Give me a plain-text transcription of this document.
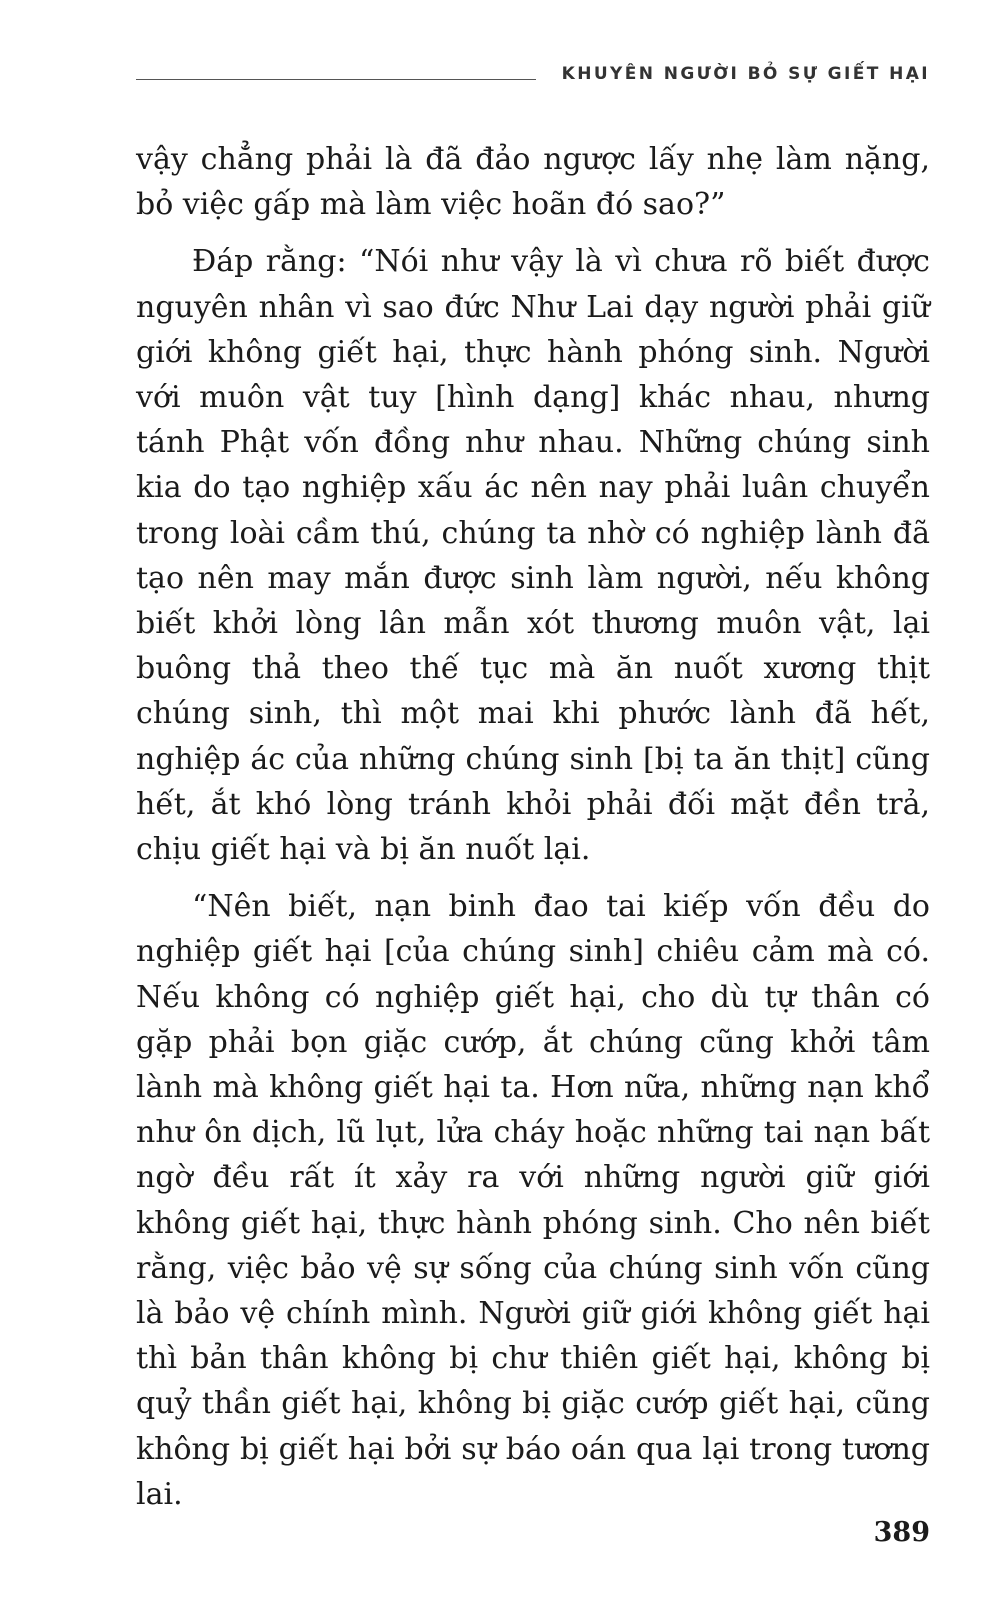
KHUYÊN NGƯỜI BỎ SỰ GIẾT HẠI

vậy chẳng phải là đã đảo ngược lấy nhẹ làm nặng, bỏ việc gấp mà làm việc hoãn đó sao?”

Đáp rằng: “Nói như vậy là vì chưa rõ biết được nguyên nhân vì sao đức Như Lai dạy người phải giữ giới không giết hại, thực hành phóng sinh. Người với muôn vật tuy [hình dạng] khác nhau, nhưng tánh Phật vốn đồng như nhau. Những chúng sinh kia do tạo nghiệp xấu ác nên nay phải luân chuyển trong loài cầm thú, chúng ta nhờ có nghiệp lành đã tạo nên may mắn được sinh làm người, nếu không biết khởi lòng lân mẫn xót thương muôn vật, lại buông thả theo thế tục mà ăn nuốt xương thịt chúng sinh, thì một mai khi phước lành đã hết, nghiệp ác của những chúng sinh [bị ta ăn thịt] cũng hết, ắt khó lòng tránh khỏi phải đối mặt đền trả, chịu giết hại và bị ăn nuốt lại.

“Nên biết, nạn binh đao tai kiếp vốn đều do nghiệp giết hại [của chúng sinh] chiêu cảm mà có. Nếu không có nghiệp giết hại, cho dù tự thân có gặp phải bọn giặc cướp, ắt chúng cũng khởi tâm lành mà không giết hại ta. Hơn nữa, những nạn khổ như ôn dịch, lũ lụt, lửa cháy hoặc những tai nạn bất ngờ đều rất ít xảy ra với những người giữ giới không giết hại, thực hành phóng sinh. Cho nên biết rằng, việc bảo vệ sự sống của chúng sinh vốn cũng là bảo vệ chính mình. Người giữ giới không giết hại thì bản thân không bị chư thiên giết hại, không bị quỷ thần giết hại, không bị giặc cướp giết hại, cũng không bị giết hại bởi sự báo oán qua lại trong tương lai.

389
